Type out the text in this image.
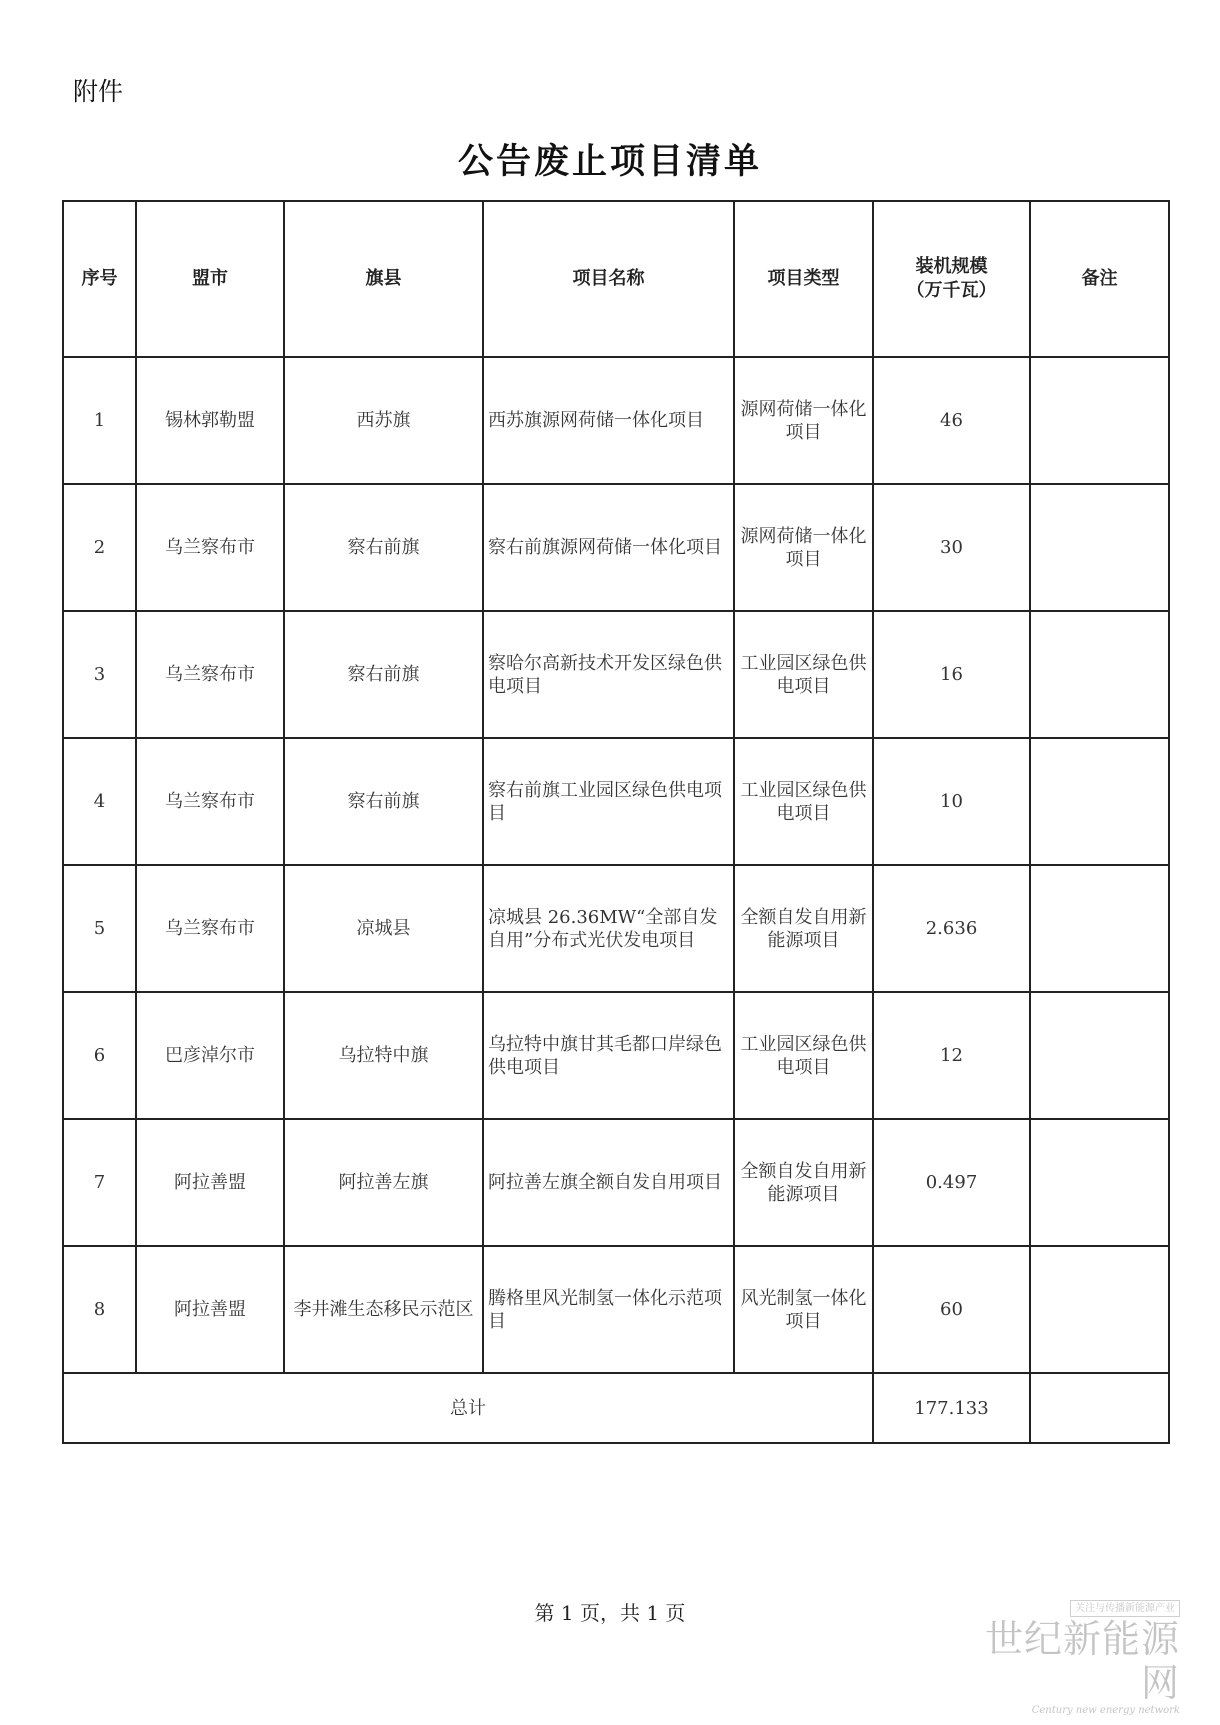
附件
公告废止项目清单
序号	盟市	旗县	项目名称	项目类型	装机规模（万千瓦）	备注
1	锡林郭勒盟	西苏旗	西苏旗源网荷储一体化项目	源网荷储一体化项目	46	
2	乌兰察布市	察右前旗	察右前旗源网荷储一体化项目	源网荷储一体化项目	30	
3	乌兰察布市	察右前旗	察哈尔高新技术开发区绿色供电项目	工业园区绿色供电项目	16	
4	乌兰察布市	察右前旗	察右前旗工业园区绿色供电项目	工业园区绿色供电项目	10	
5	乌兰察布市	凉城县	凉城县 26.36MW“全部自发自用”分布式光伏发电项目	全额自发自用新能源项目	2.636	
6	巴彦淖尔市	乌拉特中旗	乌拉特中旗甘其毛都口岸绿色供电项目	工业园区绿色供电项目	12	
7	阿拉善盟	阿拉善左旗	阿拉善左旗全额自发自用项目	全额自发自用新能源项目	0.497	
8	阿拉善盟	李井滩生态移民示范区	腾格里风光制氢一体化示范项目	风光制氢一体化项目	60	
总计					177.133	
第 1 页，共 1 页	关注与传播新能源产业
世纪新能源网
Century new energy network
